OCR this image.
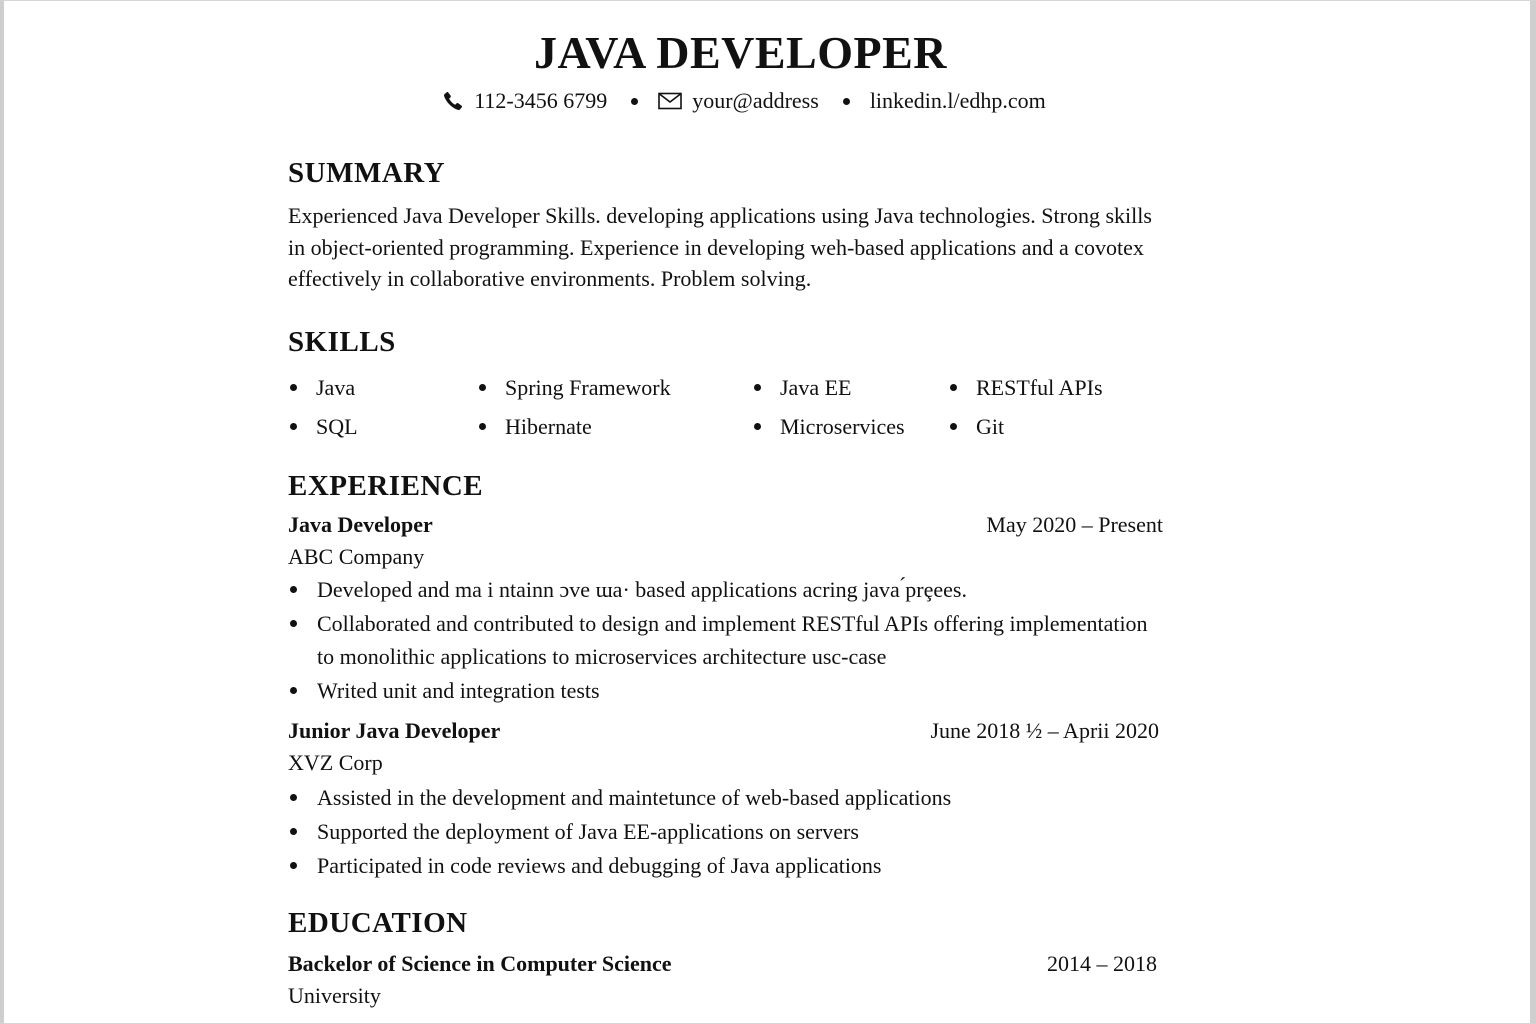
JAVA DEVELOPER
112-3456 6799	your@address linkedin.l/edhp.com
SUMMARY

Experienced Java Developer Skills. developing applications using Java technologies. Strong skills in object-oriented programming. Experience in developing weh-based applications and a covotex effectively in collaborative environments. Problem solving.

SKILLS
Java	Spring Framework	Java EE	RESTful APIs
SQL	Hibernate	Microservices	Git
EXPERIENCE
Java Developer	May 2020 – Present
ABC Company
Developed and ma i ntainn ɔve ɯa· based applications acring java ́prȩees.
Collaborated and contributed to design and implement RESTful APIs offering implementation to monolithic applications to microservices architecture usc-case
Writed unit and integration tests
Junior Java Developer	June 2018 ½ – Aprii 2020
XVZ Corp
Assisted in the development and maintetunce of web-based applications
Supported the deployment of Java EE-applications on servers
Participated in code reviews and debugging of Java applications
EDUCATION
Backelor of Science in Computer Science	2014 – 2018
University
